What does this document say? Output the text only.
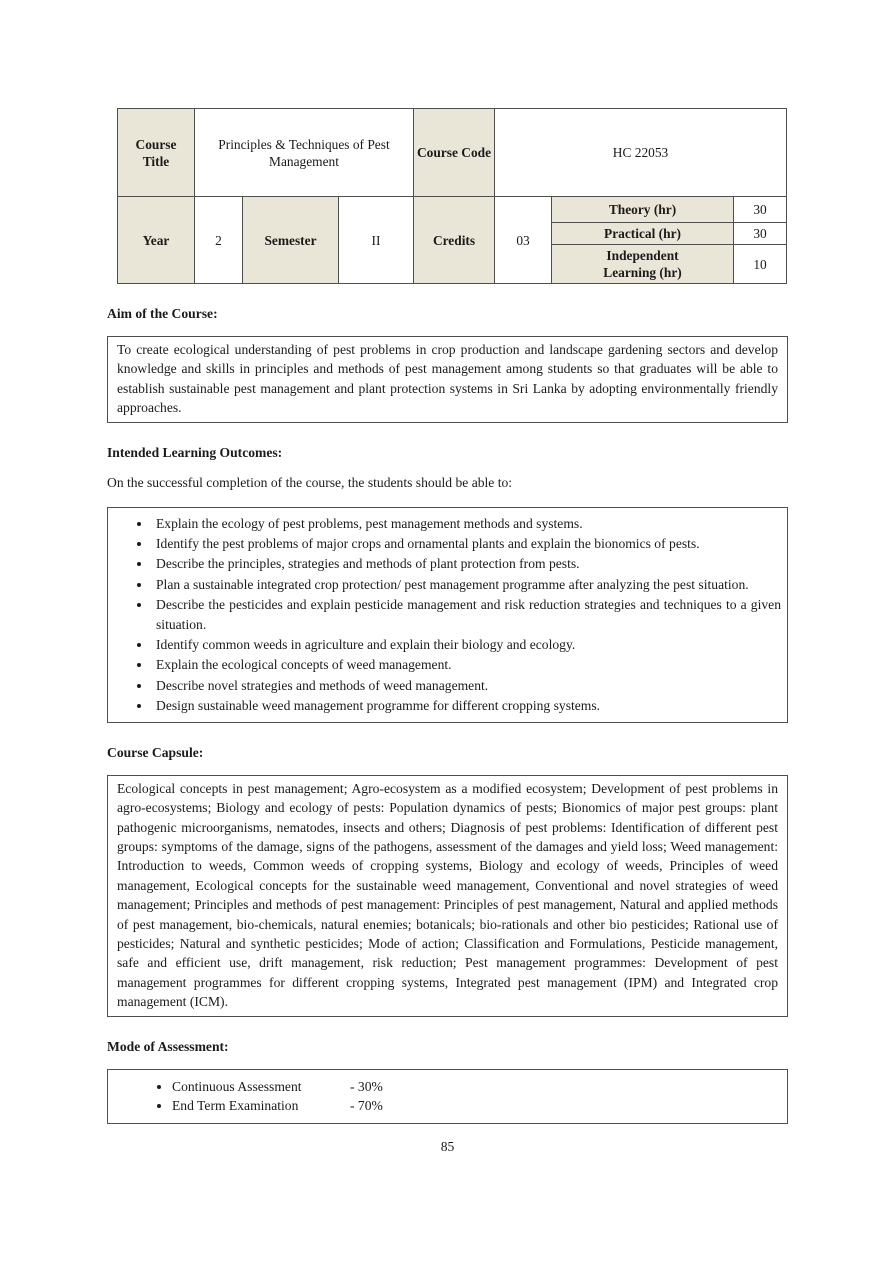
Course Title	Principles & Techniques of Pest Management			Course Code	HC 22053		
Year	2	Semester	II	Credits	03	Theory (hr)	30
						Practical (hr)	30
						Independent Learning (hr)	10
Aim of the Course:
To create ecological understanding of pest problems in crop production and landscape gardening sectors and develop knowledge and skills in principles and methods of pest management among students so that graduates will be able to establish sustainable pest management and plant protection systems in Sri Lanka by adopting environmentally friendly approaches.
Intended Learning Outcomes:

On the successful completion of the course, the students should be able to:

• Explain the ecology of pest problems, pest management methods and systems.
• Identify the pest problems of major crops and ornamental plants and explain the bionomics of pests.
• Describe the principles, strategies and methods of plant protection from pests.
• Plan a sustainable integrated crop protection/ pest management programme after analyzing the pest situation.
• Describe the pesticides and explain pesticide management and risk reduction strategies and techniques to a given situation.
• Identify common weeds in agriculture and explain their biology and ecology.
• Explain the ecological concepts of weed management.
• Describe novel strategies and methods of weed management.
• Design sustainable weed management programme for different cropping systems.
Course Capsule:
Ecological concepts in pest management; Agro-ecosystem as a modified ecosystem; Development of pest problems in agro-ecosystems; Biology and ecology of pests: Population dynamics of pests; Bionomics of major pest groups: plant pathogenic microorganisms, nematodes, insects and others; Diagnosis of pest problems: Identification of different pest groups: symptoms of the damage, signs of the pathogens, assessment of the damages and yield loss; Weed management: Introduction to weeds, Common weeds of cropping systems, Biology and ecology of weeds, Principles of weed management, Ecological concepts for the sustainable weed management, Conventional and novel strategies of weed management; Principles and methods of pest management: Principles of pest management, Natural and applied methods of pest management, bio-chemicals, natural enemies; botanicals; bio-rationals and other bio pesticides; Rational use of pesticides; Natural and synthetic pesticides; Mode of action; Classification and Formulations, Pesticide management, safe and efficient use, drift management, risk reduction; Pest management programmes: Development of pest management programmes for different cropping systems, Integrated pest management (IPM) and Integrated crop management (ICM).
Mode of Assessment:
• Continuous Assessment	- 30%
• End Term Examination	- 70%
85
